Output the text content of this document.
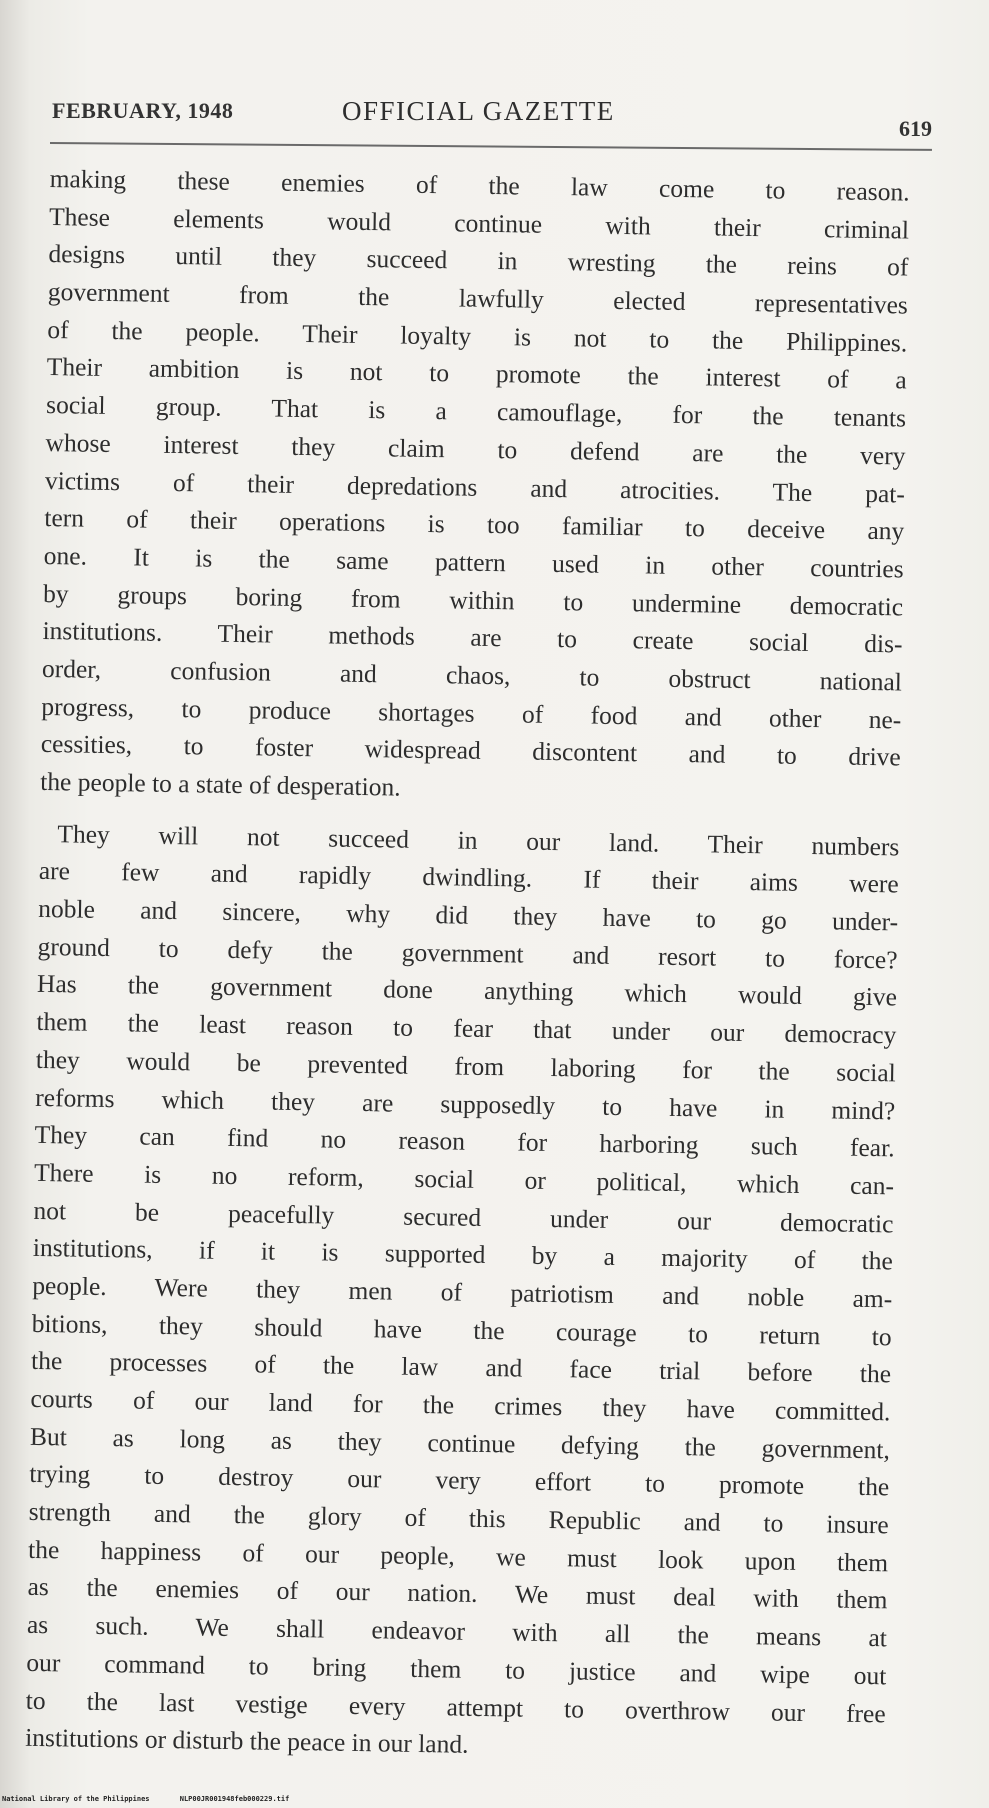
FEBRUARY, 1948	OFFICIAL GAZETTE
619
making these enemies of the law come to reason.
These elements would continue with their criminal
designs until they succeed in wresting the reins of
government from the lawfully elected representatives
of the people. Their loyalty is not to the Philippines.
Their ambition is not to promote the interest of a
social group. That is a camouflage, for the tenants
whose interest they claim to defend are the very
victims of their depredations and atrocities. The pat-
tern of their operations is too familiar to deceive any
one. It is the same pattern used in other countries
by groups boring from within to undermine democratic
institutions. Their methods are to create social dis-
order, confusion and chaos, to obstruct national
progress, to produce shortages of food and other ne-
cessities, to foster widespread discontent and to drive
the people to a state of desperation.
They will not succeed in our land. Their numbers
are few and rapidly dwindling. If their aims were
noble and sincere, why did they have to go under-
ground to defy the government and resort to force?
Has the government done anything which would give
them the least reason to fear that under our democracy
they would be prevented from laboring for the social
reforms which they are supposedly to have in mind?
They can find no reason for harboring such fear.
There is no reform, social or political, which can-
not be peacefully secured under our democratic
institutions, if it is supported by a majority of the
people. Were they men of patriotism and noble am-
bitions, they should have the courage to return to
the processes of the law and face trial before the
courts of our land for the crimes they have committed.
But as long as they continue defying the government,
trying to destroy our very effort to promote the
strength and the glory of this Republic and to insure
the happiness of our people, we must look upon them
as the enemies of our nation. We must deal with them
as such. We shall endeavor with all the means at
our command to bring them to justice and wipe out
to the last vestige every attempt to overthrow our free
institutions or disturb the peace in our land.
National Library of the Philippines	NLP00JR001948feb000229.tif
